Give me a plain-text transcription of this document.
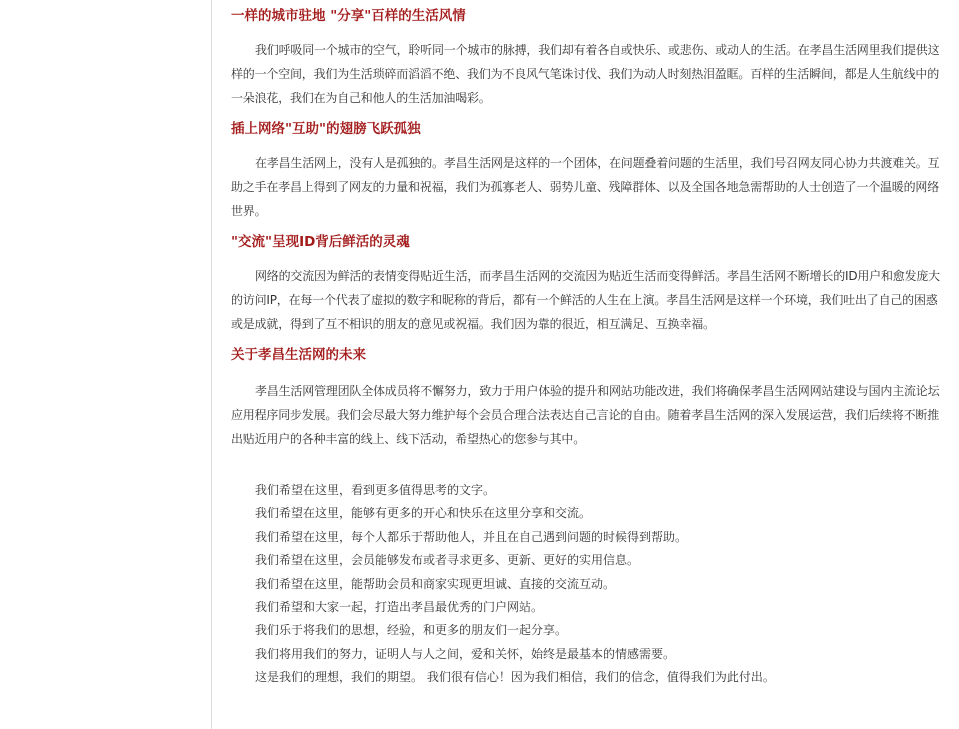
一样的城市驻地 "分享"百样的生活风情

我们呼吸同一个城市的空气，聆听同一个城市的脉搏，我们却有着各自或快乐、或悲伤、或动人的生活。在孝昌生活网里我们提供这样的一个空间，我们为生活琐碎而滔滔不绝、我们为不良风气笔诛讨伐、我们为动人时刻热泪盈眶。百样的生活瞬间，都是人生航线中的一朵浪花，我们在为自己和他人的生活加油喝彩。

插上网络"互助"的翅膀飞跃孤独

在孝昌生活网上，没有人是孤独的。孝昌生活网是这样的一个团体，在问题叠着问题的生活里，我们号召网友同心协力共渡难关。互助之手在孝昌上得到了网友的力量和祝福，我们为孤寡老人、弱势儿童、残障群体、以及全国各地急需帮助的人士创造了一个温暖的网络世界。

"交流"呈现ID背后鲜活的灵魂

网络的交流因为鲜活的表情变得贴近生活，而孝昌生活网的交流因为贴近生活而变得鲜活。孝昌生活网不断增长的ID用户和愈发庞大的访问IP，在每一个代表了虚拟的数字和昵称的背后，都有一个鲜活的人生在上演。孝昌生活网是这样一个环境，我们吐出了自己的困惑或是成就，得到了互不相识的朋友的意见或祝福。我们因为靠的很近，相互满足、互换幸福。

关于孝昌生活网的未来

孝昌生活网管理团队全体成员将不懈努力，致力于用户体验的提升和网站功能改进，我们将确保孝昌生活网网站建设与国内主流论坛应用程序同步发展。我们会尽最大努力维护每个会员合理合法表达自己言论的自由。随着孝昌生活网的深入发展运营，我们后续将不断推出贴近用户的各种丰富的线上、线下活动，希望热心的您参与其中。

我们希望在这里，看到更多值得思考的文字。
我们希望在这里，能够有更多的开心和快乐在这里分享和交流。
我们希望在这里，每个人都乐于帮助他人，并且在自己遇到问题的时候得到帮助。
我们希望在这里，会员能够发布或者寻求更多、更新、更好的实用信息。
我们希望在这里，能帮助会员和商家实现更坦诚、直接的交流互动。
我们希望和大家一起，打造出孝昌最优秀的门户网站。
我们乐于将我们的思想，经验，和更多的朋友们一起分享。
我们将用我们的努力，证明人与人之间，爱和关怀，始终是最基本的情感需要。
这是我们的理想，我们的期望。 我们很有信心！因为我们相信，我们的信念，值得我们为此付出。
